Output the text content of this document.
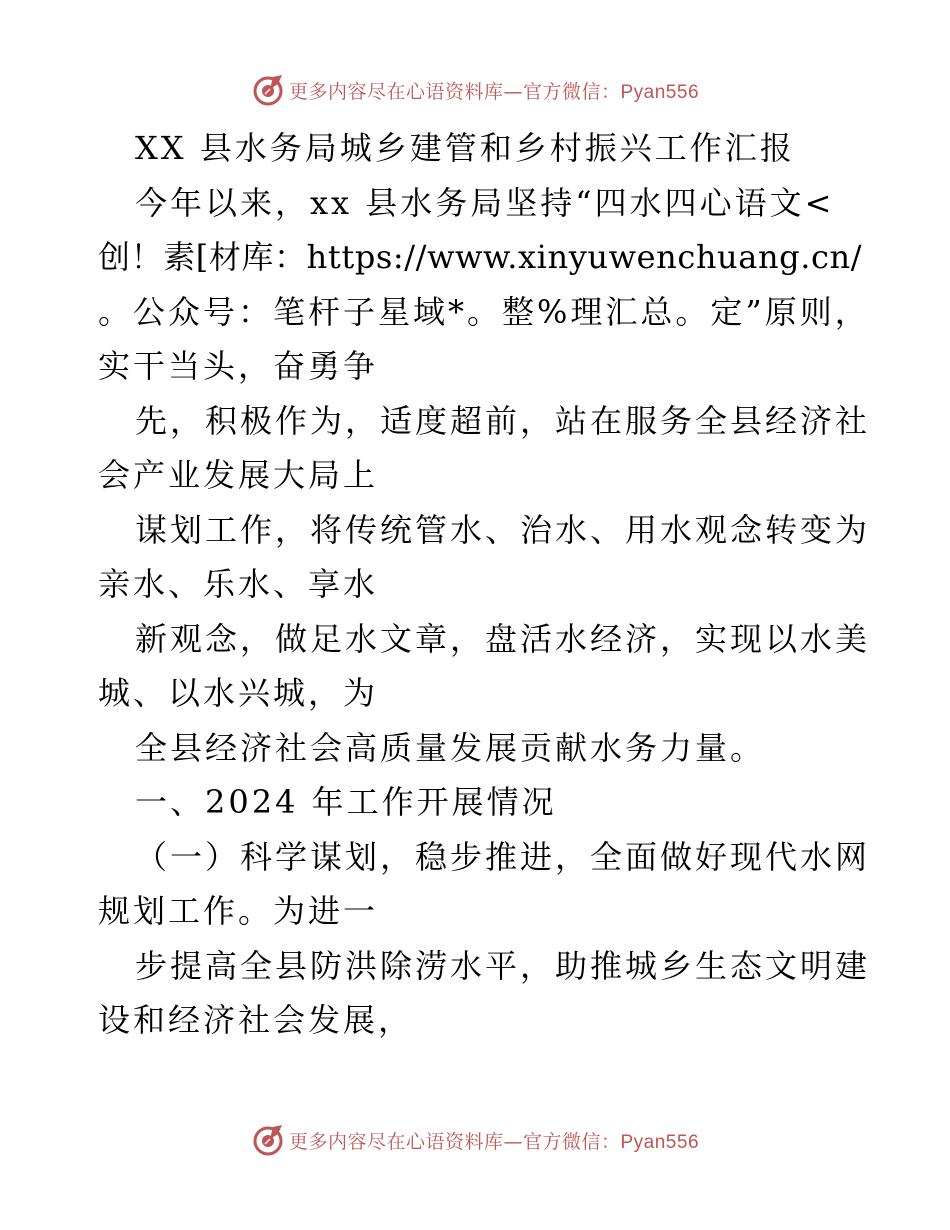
更多内容尽在心语资料库—官方微信：Pyan556
XX 县水务局城乡建管和乡村振兴工作汇报
今年以来，xx 县水务局坚持“四水四心语文<
创！素[材库：https://www.xinyuwenchuang.cn/
。公众号：笔杆子星域*。整%理汇总。定”原则，
实干当头，奋勇争
先，积极作为，适度超前，站在服务全县经济社
会产业发展大局上
谋划工作，将传统管水、治水、用水观念转变为
亲水、乐水、享水
新观念，做足水文章，盘活水经济，实现以水美
城、以水兴城，为
全县经济社会高质量发展贡献水务力量。
一、2024 年工作开展情况
（一）科学谋划，稳步推进，全面做好现代水网
规划工作。为进一
步提高全县防洪除涝水平，助推城乡生态文明建
设和经济社会发展，
更多内容尽在心语资料库—官方微信：Pyan556
